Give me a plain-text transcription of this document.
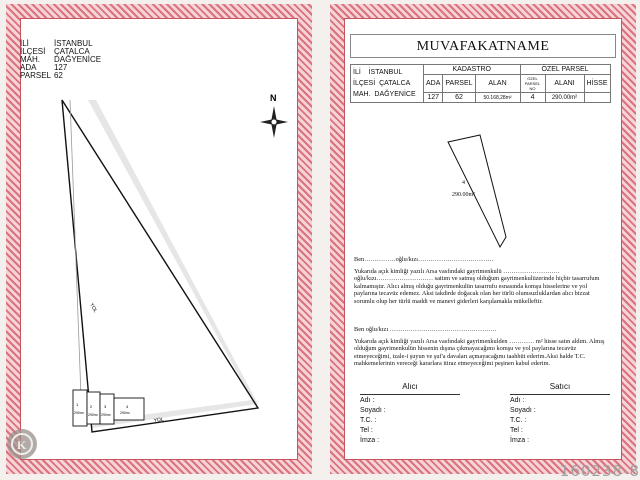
İLİ	İSTANBUL
İLÇESİ	ÇATALCA
MAH.	DAĞYENİCE
ADA	127
PARSEL	62
N
1
290m²
2
290m²
3
290m²
4
290m²
YOL
YOL
K
MUVAFAKATNAME
İLİ İSTANBUL
İLÇESİ ÇATALCA
MAH. DAĞYENİCE	KADASTRO			ÖZEL PARSEL		
	ADA	PARSEL	ALAN	ÖZEL PARSEL NO	ALANI	HİSSE
	127	62	50.168,28m²	4	290.00m²	
4
290.00m²
Ben……………oğlu/kızı………………………………
Yukarıda açık kimliği yazılı Arsa vasfındaki gayrimenkulü ……………………… oğlu/kızı……………………… sattım ve satmış olduğum gayrimenkulüzerinde hiçbir tasarrufum kalmamıştır. Alıcı almış olduğu gayrimenkulün tasarrufu esnasında komşu hisselerine ve yol paylarına tecavüz edemez. Aksi takdirde doğacak olan her türlü olumsuzluklardan alıcı bizzat sorumlu olup her türlü maddi ve manevi giderleri karşılamakla mükelleftir.
Ben oğlu/kızı ……………………………………………
Yukarıda açık kimliği yazılı Arsa vasfındaki gayrimenkulden ………… m² hisse satın aldım. Almış olduğum gayrimenkulün hissenin dışına çıkmayacağımı komşu ve yol paylarına tecavüz etmeyeceğimi, izale-i şuyun ve şuf'a davaları açmayacağımı taahhüt ederim.Aksi halde T.C. mahkemelerinin vereceği kararlara itiraz etmeyeceğimi peşinen kabul ederim.
Alıcı
Adı :
Soyadı :
T.C. :
Tel :
İmza :
Satıcı
Adı :
Soyadı :
T.C. :
Tel :
İmza :
160238-8
